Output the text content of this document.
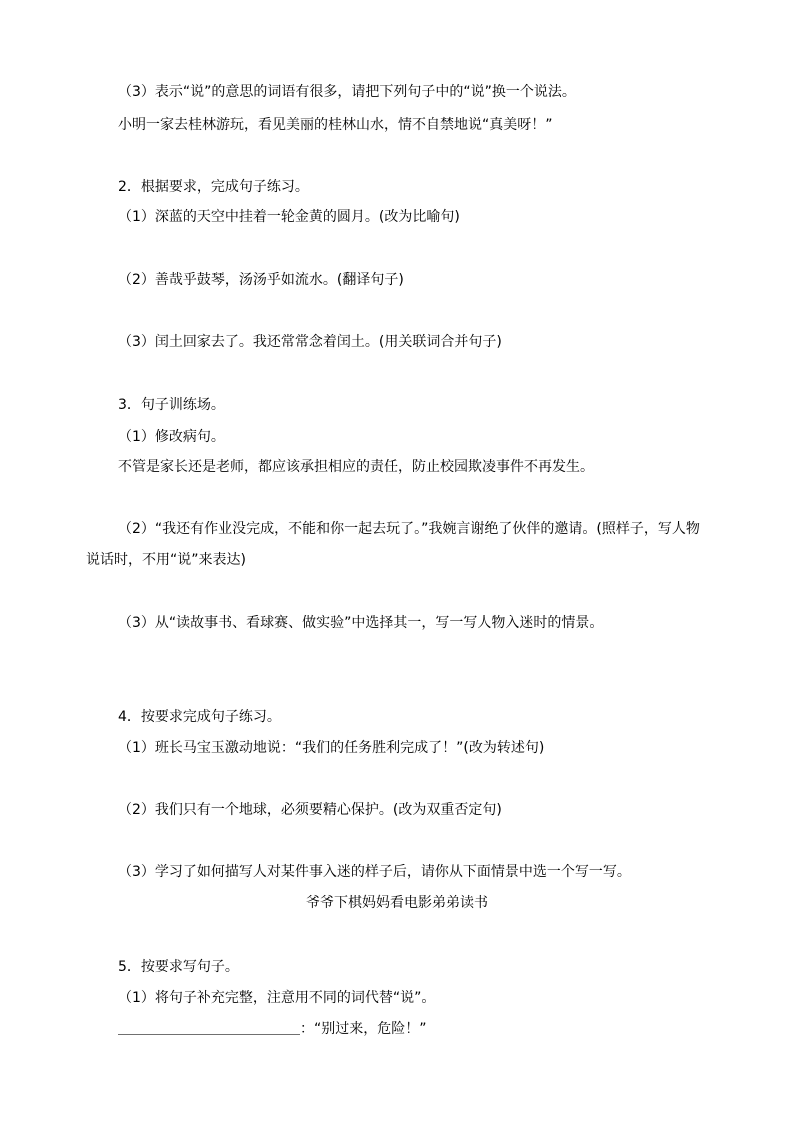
（3）表示“说”的意思的词语有很多，请把下列句子中的“说”换一个说法。
小明一家去桂林游玩，看见美丽的桂林山水，情不自禁地说“真美呀！”
2．根据要求，完成句子练习。
（1）深蓝的天空中挂着一轮金黄的圆月。(改为比喻句)
（2）善哉乎鼓琴，汤汤乎如流水。(翻译句子)
（3）闰土回家去了。我还常常念着闰土。(用关联词合并句子)
3．句子训练场。
（1）修改病句。
不管是家长还是老师，都应该承担相应的责任，防止校园欺凌事件不再发生。
（2）“我还有作业没完成，不能和你一起去玩了。”我婉言谢绝了伙伴的邀请。(照样子，写人物
说话时，不用“说”来表达)
（3）从“读故事书、看球赛、做实验”中选择其一，写一写人物入迷时的情景。
4．按要求完成句子练习。
（1）班长马宝玉激动地说：“我们的任务胜利完成了！”(改为转述句)
（2）我们只有一个地球，必须要精心保护。(改为双重否定句)
（3）学习了如何描写人对某件事入迷的样子后，请你从下面情景中选一个写一写。
爷爷下棋妈妈看电影弟弟读书
5．按要求写句子。
（1）将句子补充完整，注意用不同的词代替“说”。
＿＿＿＿＿＿＿＿＿＿＿＿＿：“别过来，危险！”
